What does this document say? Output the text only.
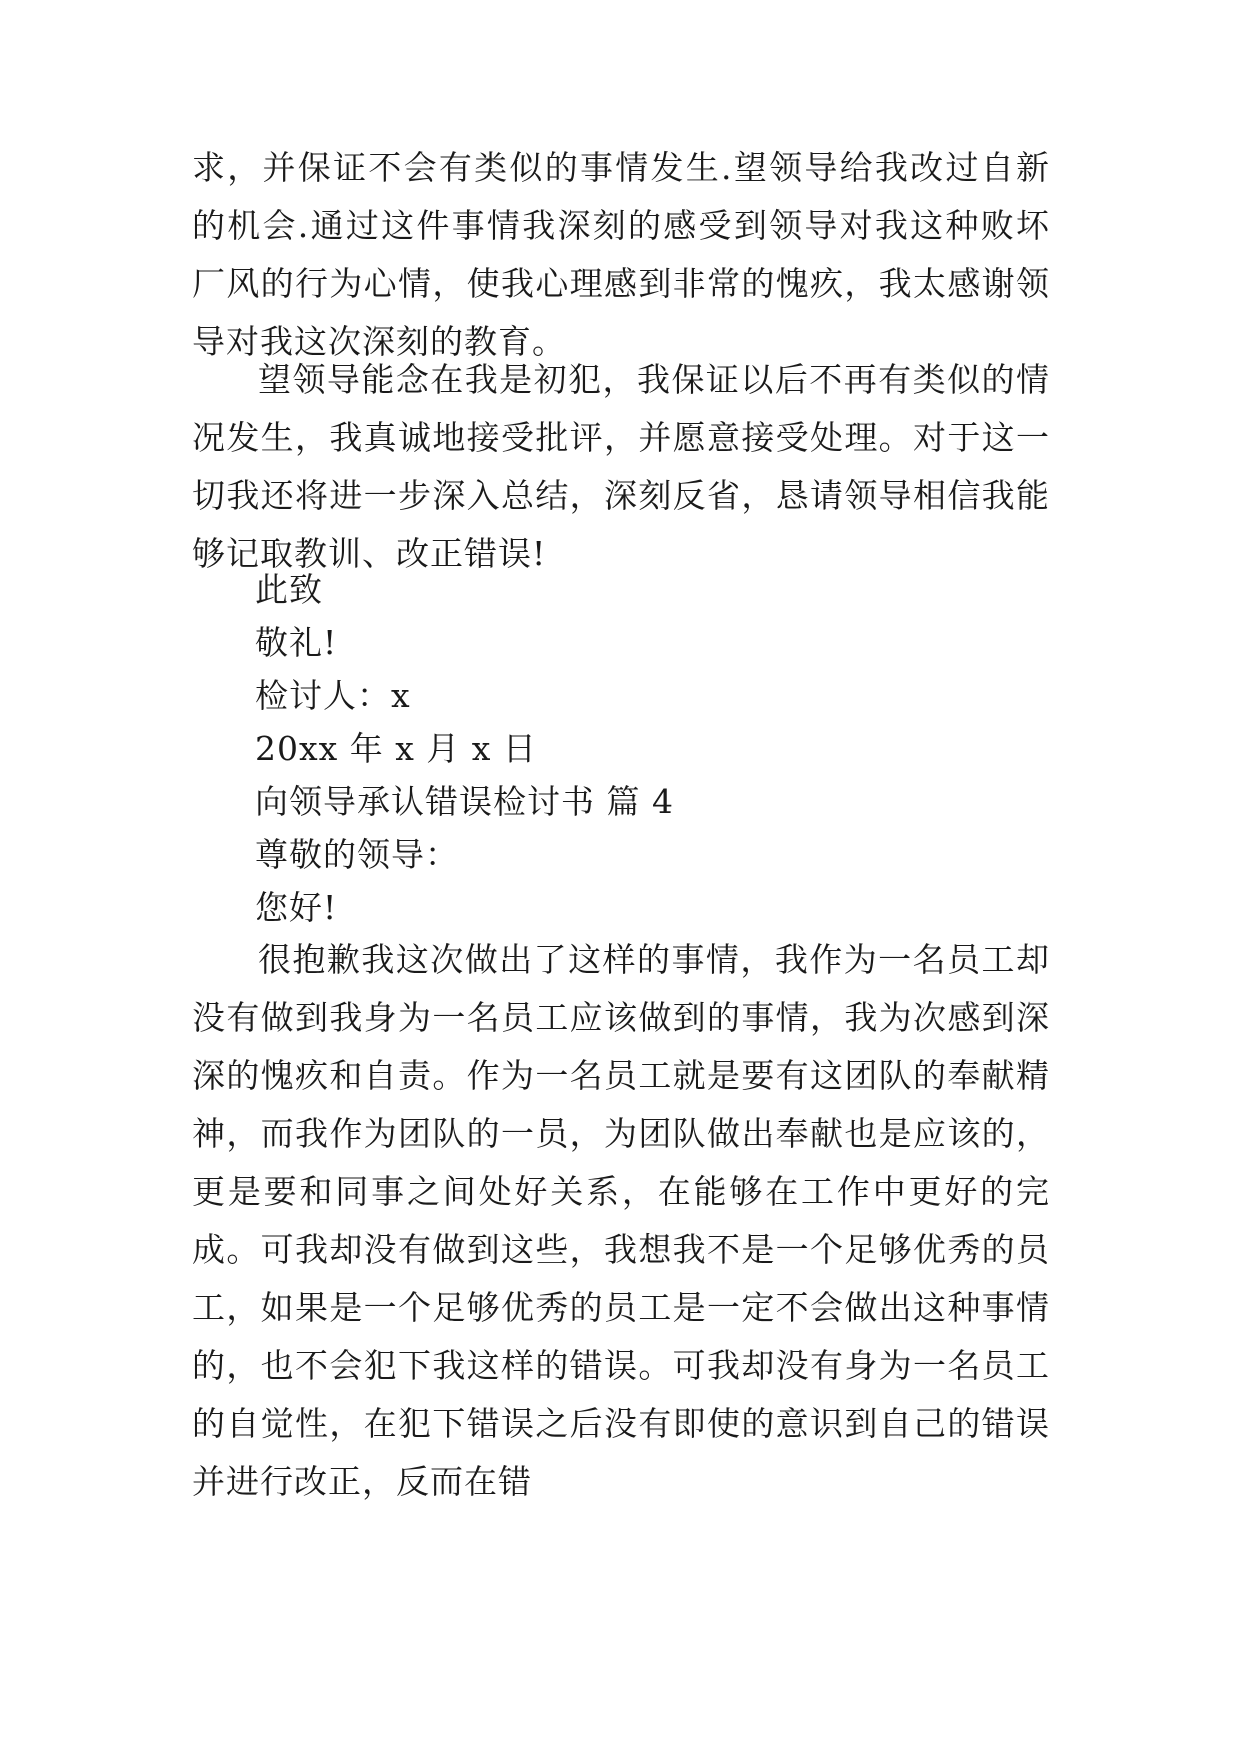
求，并保证不会有类似的事情发生.望领导给我改过自新的机会.通过这件事情我深刻的感受到领导对我这种败坏厂风的行为心情，使我心理感到非常的愧疚，我太感谢领导对我这次深刻的教育。

望领导能念在我是初犯，我保证以后不再有类似的情况发生，我真诚地接受批评，并愿意接受处理。对于这一切我还将进一步深入总结，深刻反省，恳请领导相信我能够记取教训、改正错误!

此致

敬礼!

检讨人：x

20xx 年 x 月 x 日

向领导承认错误检讨书 篇 4

尊敬的领导：

您好!

很抱歉我这次做出了这样的事情，我作为一名员工却没有做到我身为一名员工应该做到的事情，我为次感到深深的愧疚和自责。作为一名员工就是要有这团队的奉献精神，而我作为团队的一员，为团队做出奉献也是应该的，更是要和同事之间处好关系，在能够在工作中更好的完成。可我却没有做到这些，我想我不是一个足够优秀的员工，如果是一个足够优秀的员工是一定不会做出这种事情的，也不会犯下我这样的错误。可我却没有身为一名员工的自觉性，在犯下错误之后没有即使的意识到自己的错误并进行改正，反而在错
